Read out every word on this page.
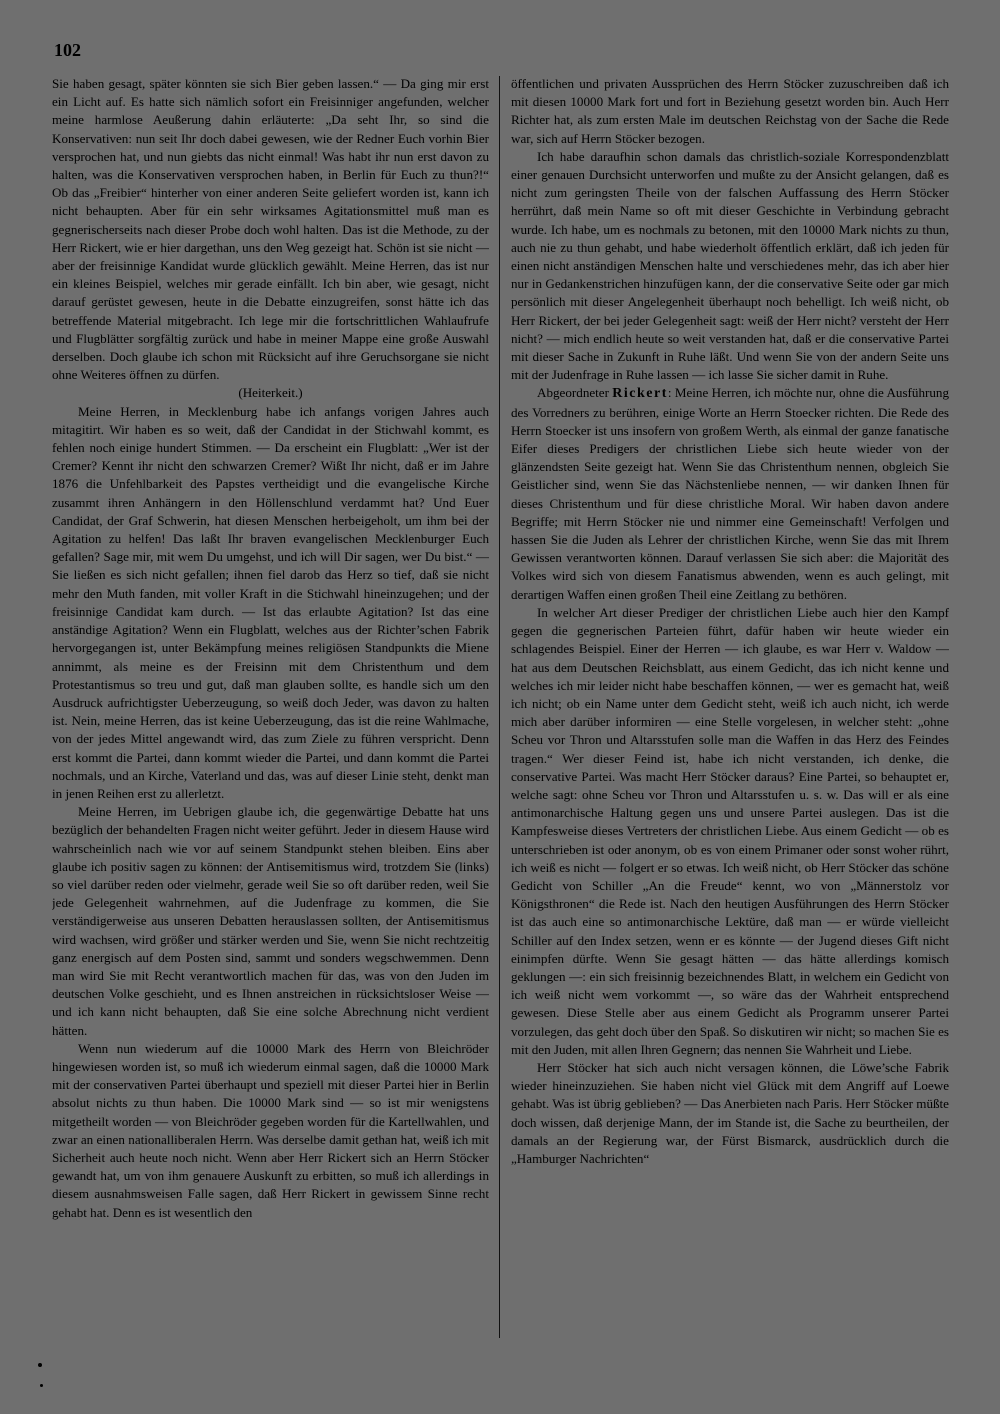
102

Sie haben gesagt, später könnten sie sich Bier geben lassen.“ — Da ging mir erst ein Licht auf. Es hatte sich nämlich sofort ein Freisinniger angefunden, welcher meine harmlose Aeußerung dahin erläuterte: „Da seht Ihr, so sind die Konservativen: nun seit Ihr doch dabei gewesen, wie der Redner Euch vorhin Bier versprochen hat, und nun giebts das nicht einmal! Was habt ihr nun erst davon zu halten, was die Konservativen versprochen haben, in Berlin für Euch zu thun?!“ Ob das „Freibier“ hinterher von einer anderen Seite geliefert worden ist, kann ich nicht behaupten. Aber für ein sehr wirksames Agitationsmittel muß man es gegnerischerseits nach dieser Probe doch wohl halten. Das ist die Methode, zu der Herr Rickert, wie er hier dargethan, uns den Weg gezeigt hat. Schön ist sie nicht — aber der freisinnige Kandidat wurde glücklich gewählt. Meine Herren, das ist nur ein kleines Beispiel, welches mir gerade einfällt. Ich bin aber, wie gesagt, nicht darauf gerüstet gewesen, heute in die Debatte einzugreifen, sonst hätte ich das betreffende Material mitgebracht. Ich lege mir die fortschrittlichen Wahlaufrufe und Flugblätter sorgfältig zurück und habe in meiner Mappe eine große Auswahl derselben. Doch glaube ich schon mit Rücksicht auf ihre Geruchsorgane sie nicht ohne Weiteres öffnen zu dürfen.

(Heiterkeit.)

Meine Herren, in Mecklenburg habe ich anfangs vorigen Jahres auch mitagitirt. Wir haben es so weit, daß der Candidat in der Stichwahl kommt, es fehlen noch einige hundert Stimmen. — Da erscheint ein Flugblatt: „Wer ist der Cremer? Kennt ihr nicht den schwarzen Cremer? Wißt Ihr nicht, daß er im Jahre 1876 die Unfehlbarkeit des Papstes vertheidigt und die evangelische Kirche zusammt ihren Anhängern in den Höllenschlund verdammt hat? Und Euer Candidat, der Graf Schwerin, hat diesen Menschen herbeigeholt, um ihm bei der Agitation zu helfen! Das laßt Ihr braven evangelischen Mecklenburger Euch gefallen? Sage mir, mit wem Du umgehst, und ich will Dir sagen, wer Du bist.“ — Sie ließen es sich nicht gefallen; ihnen fiel darob das Herz so tief, daß sie nicht mehr den Muth fanden, mit voller Kraft in die Stichwahl hineinzugehen; und der freisinnige Candidat kam durch. — Ist das erlaubte Agitation? Ist das eine anständige Agitation? Wenn ein Flugblatt, welches aus der Richter’schen Fabrik hervorgegangen ist, unter Bekämpfung meines religiösen Standpunkts die Miene annimmt, als meine es der Freisinn mit dem Christenthum und dem Protestantismus so treu und gut, daß man glauben sollte, es handle sich um den Ausdruck aufrichtigster Ueberzeugung, so weiß doch Jeder, was davon zu halten ist. Nein, meine Herren, das ist keine Ueberzeugung, das ist die reine Wahlmache, von der jedes Mittel angewandt wird, das zum Ziele zu führen verspricht. Denn erst kommt die Partei, dann kommt wieder die Partei, und dann kommt die Partei nochmals, und an Kirche, Vaterland und das, was auf dieser Linie steht, denkt man in jenen Reihen erst zu allerletzt.

Meine Herren, im Uebrigen glaube ich, die gegenwärtige Debatte hat uns bezüglich der behandelten Fragen nicht weiter geführt. Jeder in diesem Hause wird wahrscheinlich nach wie vor auf seinem Standpunkt stehen bleiben. Eins aber glaube ich positiv sagen zu können: der Antisemitismus wird, trotzdem Sie (links) so viel darüber reden oder vielmehr, gerade weil Sie so oft darüber reden, weil Sie jede Gelegenheit wahrnehmen, auf die Judenfrage zu kommen, die Sie verständigerweise aus unseren Debatten herauslassen sollten, der Antisemitismus wird wachsen, wird größer und stärker werden und Sie, wenn Sie nicht rechtzeitig ganz energisch auf dem Posten sind, sammt und sonders wegschwemmen. Denn man wird Sie mit Recht verantwortlich machen für das, was von den Juden im deutschen Volke geschieht, und es Ihnen anstreichen in rücksichtsloser Weise — und ich kann nicht behaupten, daß Sie eine solche Abrechnung nicht verdient hätten.

Wenn nun wiederum auf die 10000 Mark des Herrn von Bleichröder hingewiesen worden ist, so muß ich wiederum einmal sagen, daß die 10000 Mark mit der conservativen Partei überhaupt und speziell mit dieser Partei hier in Berlin absolut nichts zu thun haben. Die 10000 Mark sind — so ist mir wenigstens mitgetheilt worden — von Bleichröder gegeben worden für die Kartellwahlen, und zwar an einen nationalliberalen Herrn. Was derselbe damit gethan hat, weiß ich mit Sicherheit auch heute noch nicht. Wenn aber Herr Rickert sich an Herrn Stöcker gewandt hat, um von ihm genauere Auskunft zu erbitten, so muß ich allerdings in diesem ausnahmsweisen Falle sagen, daß Herr Rickert in gewissem Sinne recht gehabt hat. Denn es ist wesentlich den

öffentlichen und privaten Aussprüchen des Herrn Stöcker zuzuschreiben daß ich mit diesen 10000 Mark fort und fort in Beziehung gesetzt worden bin. Auch Herr Richter hat, als zum ersten Male im deutschen Reichstag von der Sache die Rede war, sich auf Herrn Stöcker bezogen.

Ich habe daraufhin schon damals das christlich-soziale Korrespondenzblatt einer genauen Durchsicht unterworfen und mußte zu der Ansicht gelangen, daß es nicht zum geringsten Theile von der falschen Auffassung des Herrn Stöcker herrührt, daß mein Name so oft mit dieser Geschichte in Verbindung gebracht wurde. Ich habe, um es nochmals zu betonen, mit den 10000 Mark nichts zu thun, auch nie zu thun gehabt, und habe wiederholt öffentlich erklärt, daß ich jeden für einen nicht anständigen Menschen halte und verschiedenes mehr, das ich aber hier nur in Gedankenstrichen hinzufügen kann, der die conservative Seite oder gar mich persönlich mit dieser Angelegenheit überhaupt noch behelligt. Ich weiß nicht, ob Herr Rickert, der bei jeder Gelegenheit sagt: weiß der Herr nicht? versteht der Herr nicht? — mich endlich heute so weit verstanden hat, daß er die conservative Partei mit dieser Sache in Zukunft in Ruhe läßt. Und wenn Sie von der andern Seite uns mit der Judenfrage in Ruhe lassen — ich lasse Sie sicher damit in Ruhe.

Abgeordneter Rickert: Meine Herren, ich möchte nur, ohne die Ausführung des Vorredners zu berühren, einige Worte an Herrn Stoecker richten. Die Rede des Herrn Stoecker ist uns insofern von großem Werth, als einmal der ganze fanatische Eifer dieses Predigers der christlichen Liebe sich heute wieder von der glänzendsten Seite gezeigt hat. Wenn Sie das Christenthum nennen, obgleich Sie Geistlicher sind, wenn Sie das Nächstenliebe nennen, — wir danken Ihnen für dieses Christenthum und für diese christliche Moral. Wir haben davon andere Begriffe; mit Herrn Stöcker nie und nimmer eine Gemeinschaft! Verfolgen und hassen Sie die Juden als Lehrer der christlichen Kirche, wenn Sie das mit Ihrem Gewissen verantworten können. Darauf verlassen Sie sich aber: die Majorität des Volkes wird sich von diesem Fanatismus abwenden, wenn es auch gelingt, mit derartigen Waffen einen großen Theil eine Zeitlang zu bethören.

In welcher Art dieser Prediger der christlichen Liebe auch hier den Kampf gegen die gegnerischen Parteien führt, dafür haben wir heute wieder ein schlagendes Beispiel. Einer der Herren — ich glaube, es war Herr v. Waldow — hat aus dem Deutschen Reichsblatt, aus einem Gedicht, das ich nicht kenne und welches ich mir leider nicht habe beschaffen können, — wer es gemacht hat, weiß ich nicht; ob ein Name unter dem Gedicht steht, weiß ich auch nicht, ich werde mich aber darüber informiren — eine Stelle vorgelesen, in welcher steht: „ohne Scheu vor Thron und Altarsstufen solle man die Waffen in das Herz des Feindes tragen.“ Wer dieser Feind ist, habe ich nicht verstanden, ich denke, die conservative Partei. Was macht Herr Stöcker daraus? Eine Partei, so behauptet er, welche sagt: ohne Scheu vor Thron und Altarsstufen u. s. w. Das will er als eine antimonarchische Haltung gegen uns und unsere Partei auslegen. Das ist die Kampfesweise dieses Vertreters der christlichen Liebe. Aus einem Gedicht — ob es unterschrieben ist oder anonym, ob es von einem Primaner oder sonst woher rührt, ich weiß es nicht — folgert er so etwas. Ich weiß nicht, ob Herr Stöcker das schöne Gedicht von Schiller „An die Freude“ kennt, wo von „Männerstolz vor Königsthronen“ die Rede ist. Nach den heutigen Ausführungen des Herrn Stöcker ist das auch eine so antimonarchische Lektüre, daß man — er würde vielleicht Schiller auf den Index setzen, wenn er es könnte — der Jugend dieses Gift nicht einimpfen dürfte. Wenn Sie gesagt hätten — das hätte allerdings komisch geklungen —: ein sich freisinnig bezeichnendes Blatt, in welchem ein Gedicht von ich weiß nicht wem vorkommt —, so wäre das der Wahrheit entsprechend gewesen. Diese Stelle aber aus einem Gedicht als Programm unserer Partei vorzulegen, das geht doch über den Spaß. So diskutiren wir nicht; so machen Sie es mit den Juden, mit allen Ihren Gegnern; das nennen Sie Wahrheit und Liebe.

Herr Stöcker hat sich auch nicht versagen können, die Löwe’sche Fabrik wieder hineinzuziehen. Sie haben nicht viel Glück mit dem Angriff auf Loewe gehabt. Was ist übrig geblieben? — Das Anerbieten nach Paris. Herr Stöcker müßte doch wissen, daß derjenige Mann, der im Stande ist, die Sache zu beurtheilen, der damals an der Regierung war, der Fürst Bismarck, ausdrücklich durch die „Hamburger Nachrichten“
